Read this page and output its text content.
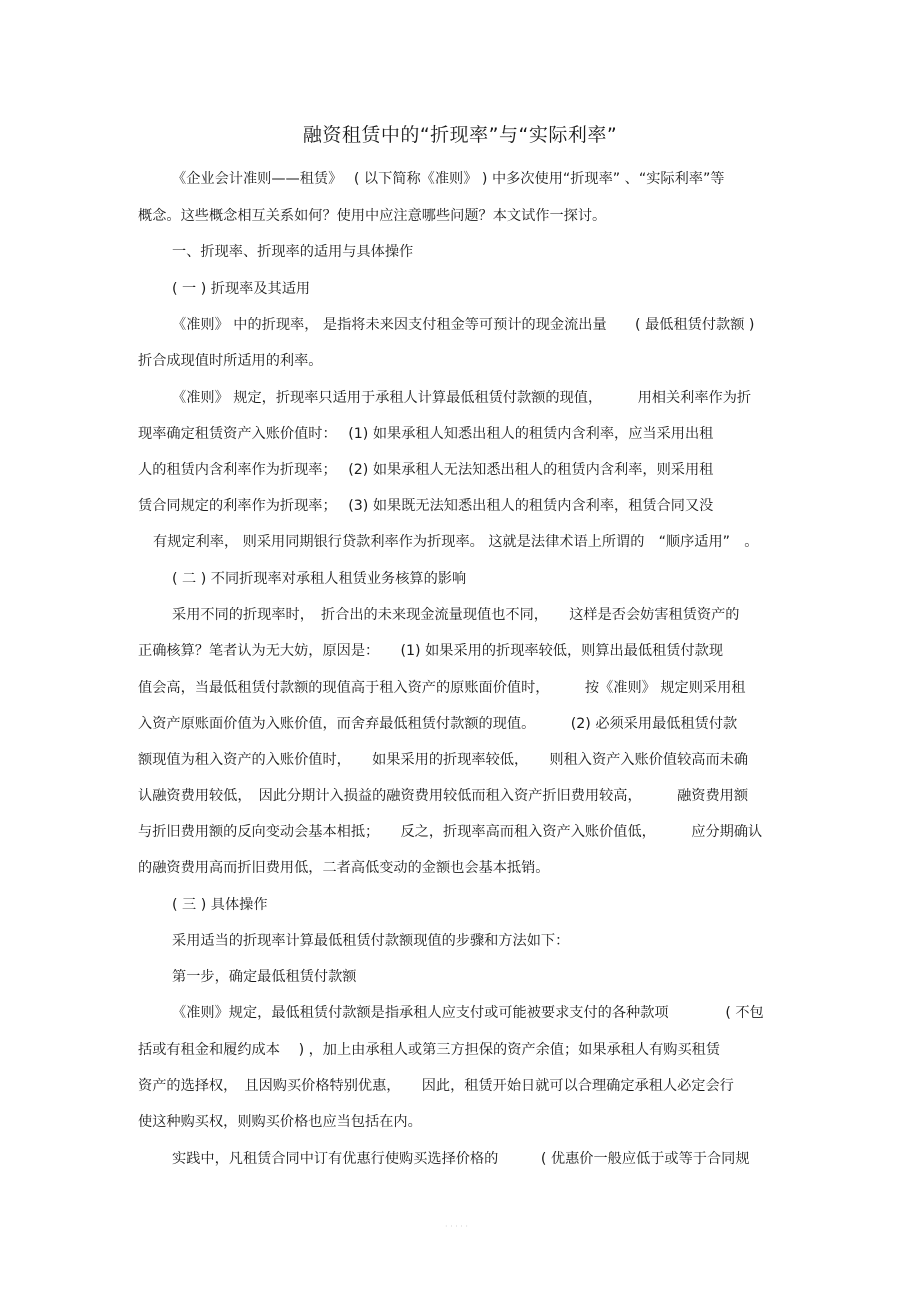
融资租赁中的“折现率”与“实际利率”

《企业会计准则——租赁》　 ( 以下简称《准则》 ) 中多次使用“折现率” 、“实际利率”等

概念。这些概念相互关系如何？使用中应注意哪些问题？本文试作一探讨。

一、折现率、折现率的适用与具体操作

( 一 ) 折现率及其适用

《准则》 中的折现率， 是指将未来因支付租金等可预计的现金流出量　　( 最低租赁付款额 )

折合成现值时所适用的利率。

《准则》 规定，折现率只适用于承租人计算最低租赁付款额的现值，　　　用相关利率作为折

现率确定租赁资产入账价值时：　 (1) 如果承租人知悉出租人的租赁内含利率，应当采用出租

人的租赁内含利率作为折现率；　 (2) 如果承租人无法知悉出租人的租赁内含利率，则采用租

赁合同规定的利率作为折现率；　 (3) 如果既无法知悉出租人的租赁内含利率，租赁合同又没

有规定利率， 则采用同期银行贷款利率作为折现率。 这就是法律术语上所谓的　“顺序适用”　。

( 二 ) 不同折现率对承租人租赁业务核算的影响

采用不同的折现率时，　折合出的未来现金流量现值也不同，　　这样是否会妨害租赁资产的

正确核算？笔者认为无大妨，原因是：　　(1) 如果采用的折现率较低，则算出最低租赁付款现

值会高，当最低租赁付款额的现值高于租入资产的原账面价值时，　　　按《准则》 规定则采用租

入资产原账面价值为入账价值，而舍弃最低租赁付款额的现值。　　　(2) 必须采用最低租赁付款

额现值为租入资产的入账价值时，　　如果采用的折现率较低，　　则租入资产入账价值较高而未确

认融资费用较低，　因此分期计入损益的融资费用较低而租入资产折旧费用较高，　　　融资费用额

与折旧费用额的反向变动会基本相抵；　　反之，折现率高而租入资产入账价值低，　　　应分期确认

的融资费用高而折旧费用低，二者高低变动的金额也会基本抵销。

( 三 ) 具体操作

采用适当的折现率计算最低租赁付款额现值的步骤和方法如下：

第一步，确定最低租赁付款额

《准则》规定，最低租赁付款额是指承租人应支付或可能被要求支付的各种款项　　　　( 不包

括或有租金和履约成本　 ) ，加上由承租人或第三方担保的资产余值；如果承租人有购买租赁

资产的选择权，　且因购买价格特别优惠，　　因此，租赁开始日就可以合理确定承租人必定会行

使这种购买权，则购买价格也应当包括在内。

实践中，凡租赁合同中订有优惠行使购买选择价格的　　　( 优惠价一般应低于或等于合同规

· · · · ·
